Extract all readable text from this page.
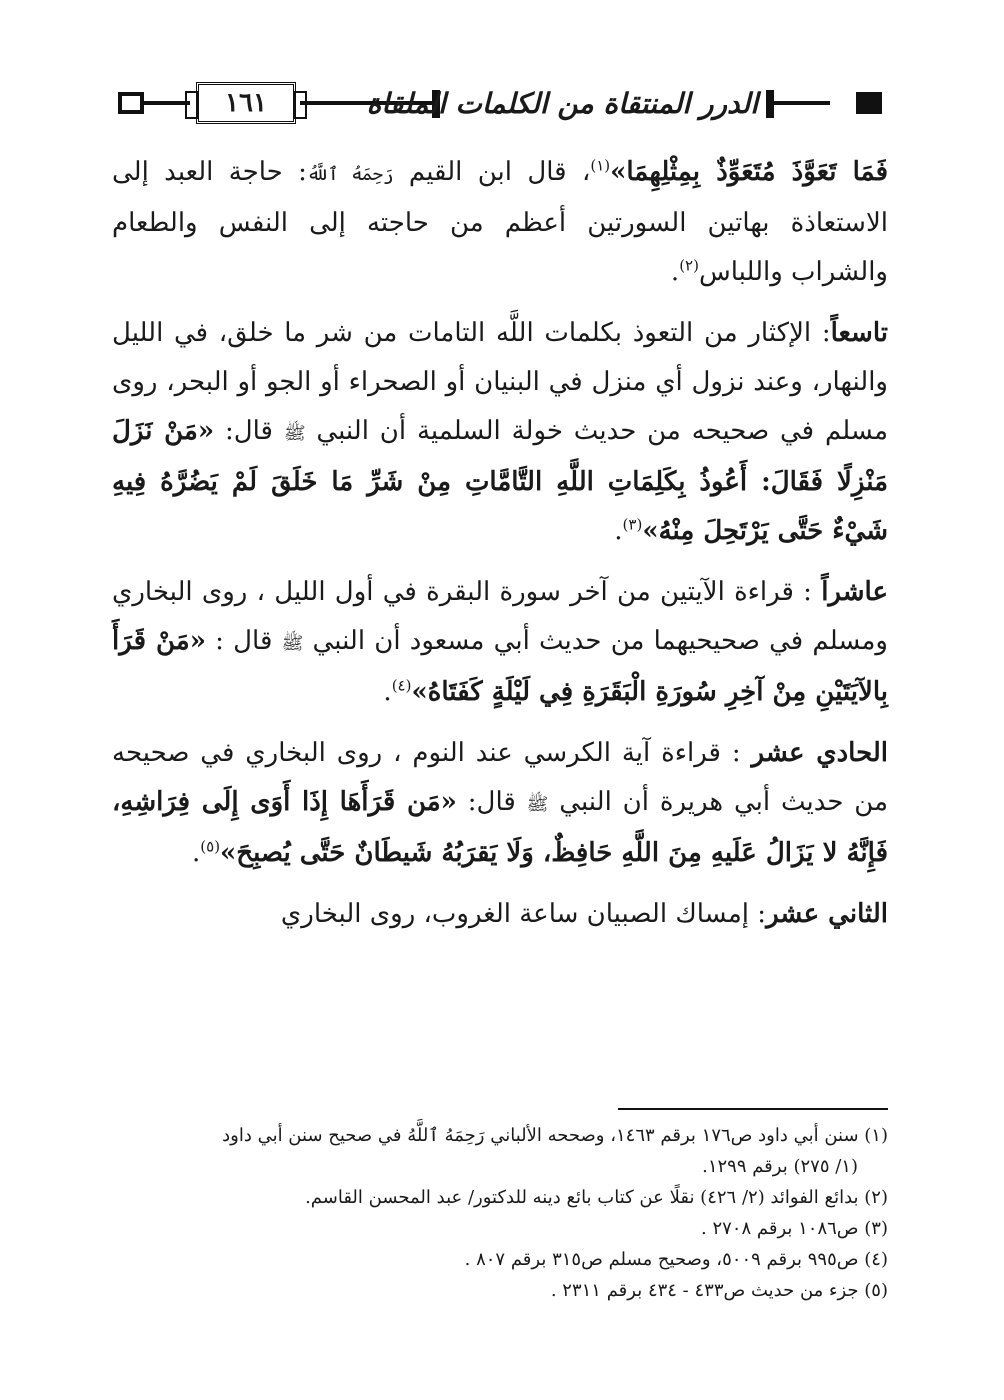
١٦١	الدرر المنتقاة من الكلمات الملقاة

فَمَا تَعَوَّذَ مُتَعَوِّذٌ بِمِثْلِهِمَا»$^{(١)}$، قال ابن القيم رَحِمَهُ ٱللَّهُ: حاجة العبد إلى الاستعاذة بهاتين السورتين أعظم من حاجته إلى النفس والطعام والشراب واللباس$^{(٢)}$.

تاسعاً: الإكثار من التعوذ بكلمات اللَّه التامات من شر ما خلق، في الليل والنهار، وعند نزول أي منزل في البنيان أو الصحراء أو الجو أو البحر، روى مسلم في صحيحه من حديث خولة السلمية أن النبي ﷺ قال: «مَنْ نَزَلَ مَنْزِلًا فَقَالَ: أَعُوذُ بِكَلِمَاتِ اللَّهِ التَّامَّاتِ مِنْ شَرِّ مَا خَلَقَ لَمْ يَضُرَّهُ فِيهِ شَيْءٌ حَتَّى يَرْتَحِلَ مِنْهُ»$^{(٣)}$.

عاشراً : قراءة الآيتين من آخر سورة البقرة في أول الليل ، روى البخاري ومسلم في صحيحيهما من حديث أبي مسعود أن النبي ﷺ قال : «مَنْ قَرَأَ بِالآيَتَيْنِ مِنْ آخِرِ سُورَةِ الْبَقَرَةِ فِي لَيْلَةٍ كَفَتَاهُ»$^{(٤)}$.

الحادي عشر : قراءة آية الكرسي عند النوم ، روى البخاري في صحيحه من حديث أبي هريرة أن النبي ﷺ قال: «مَن قَرَأَهَا إِذَا أَوَى إِلَى فِرَاشِهِ، فَإِنَّهُ لا يَزَالُ عَلَيهِ مِنَ اللَّهِ حَافِظٌ، وَلَا يَقرَبُهُ شَيطَانٌ حَتَّى يُصبِحَ»$^{(٥)}$.

الثاني عشر: إمساك الصبيان ساعة الغروب، روى البخاري

(١) سنن أبي داود ص١٧٦ برقم ١٤٦٣، وصححه الألباني رَحِمَهُ ٱللَّهُ في صحيح سنن أبي داود
(١/ ٢٧٥) برقم ١٢٩٩.

(٢) بدائع الفوائد (٢/ ٤٢٦) نقلًا عن كتاب بائع دينه للدكتور/ عبد المحسن القاسم.

(٣) ص١٠٨٦ برقم ٢٧٠٨ .

(٤) ص٩٩٥ برقم ٥٠٠٩، وصحيح مسلم ص٣١٥ برقم ٨٠٧ .

(٥) جزء من حديث ص٤٣٣ - ٤٣٤ برقم ٢٣١١ .
